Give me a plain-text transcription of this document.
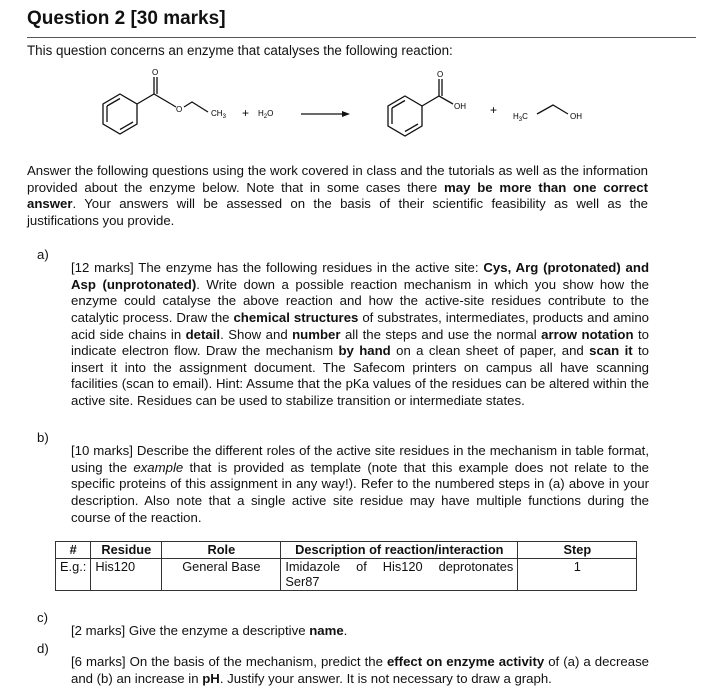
Question 2 [30 marks]

This question concerns an enzyme that catalyses the following reaction:

O
O	$CH_3 + H_2O$
O
OH + $H_3C$	OH

Answer the following questions using the work covered in class and the tutorials as well as the information provided about the enzyme below. Note that in some cases there may be more than one correct answer. Your answers will be assessed on the basis of their scientific feasibility as well as the justifications you provide.

a)

[12 marks] The enzyme has the following residues in the active site: Cys, Arg (protonated) and Asp (unprotonated). Write down a possible reaction mechanism in which you show how the enzyme could catalyse the above reaction and how the active-site residues contribute to the catalytic process. Draw the chemical structures of substrates, intermediates, products and amino acid side chains in detail. Show and number all the steps and use the normal arrow notation to indicate electron flow. Draw the mechanism by hand on a clean sheet of paper, and scan it to insert it into the assignment document. The Safecom printers on campus all have scanning facilities (scan to email). Hint: Assume that the pKa values of the residues can be altered within the active site. Residues can be used to stabilize transition or intermediate states.

b)

[10 marks] Describe the different roles of the active site residues in the mechanism in table format, using the example that is provided as template (note that this example does not relate to the specific proteins of this assignment in any way!). Refer to the numbered steps in (a) above in your description. Also note that a single active site residue may have multiple functions during the course of the reaction.

#	Residue	Role	Description of reaction/interaction	Step
E.g.:	His120	General Base	Imidazole of His120 deprotonates Ser87	1
c)

[2 marks] Give the enzyme a descriptive name.

d)

[6 marks] On the basis of the mechanism, predict the effect on enzyme activity of (a) a decrease and (b) an increase in pH. Justify your answer. It is not necessary to draw a graph.
